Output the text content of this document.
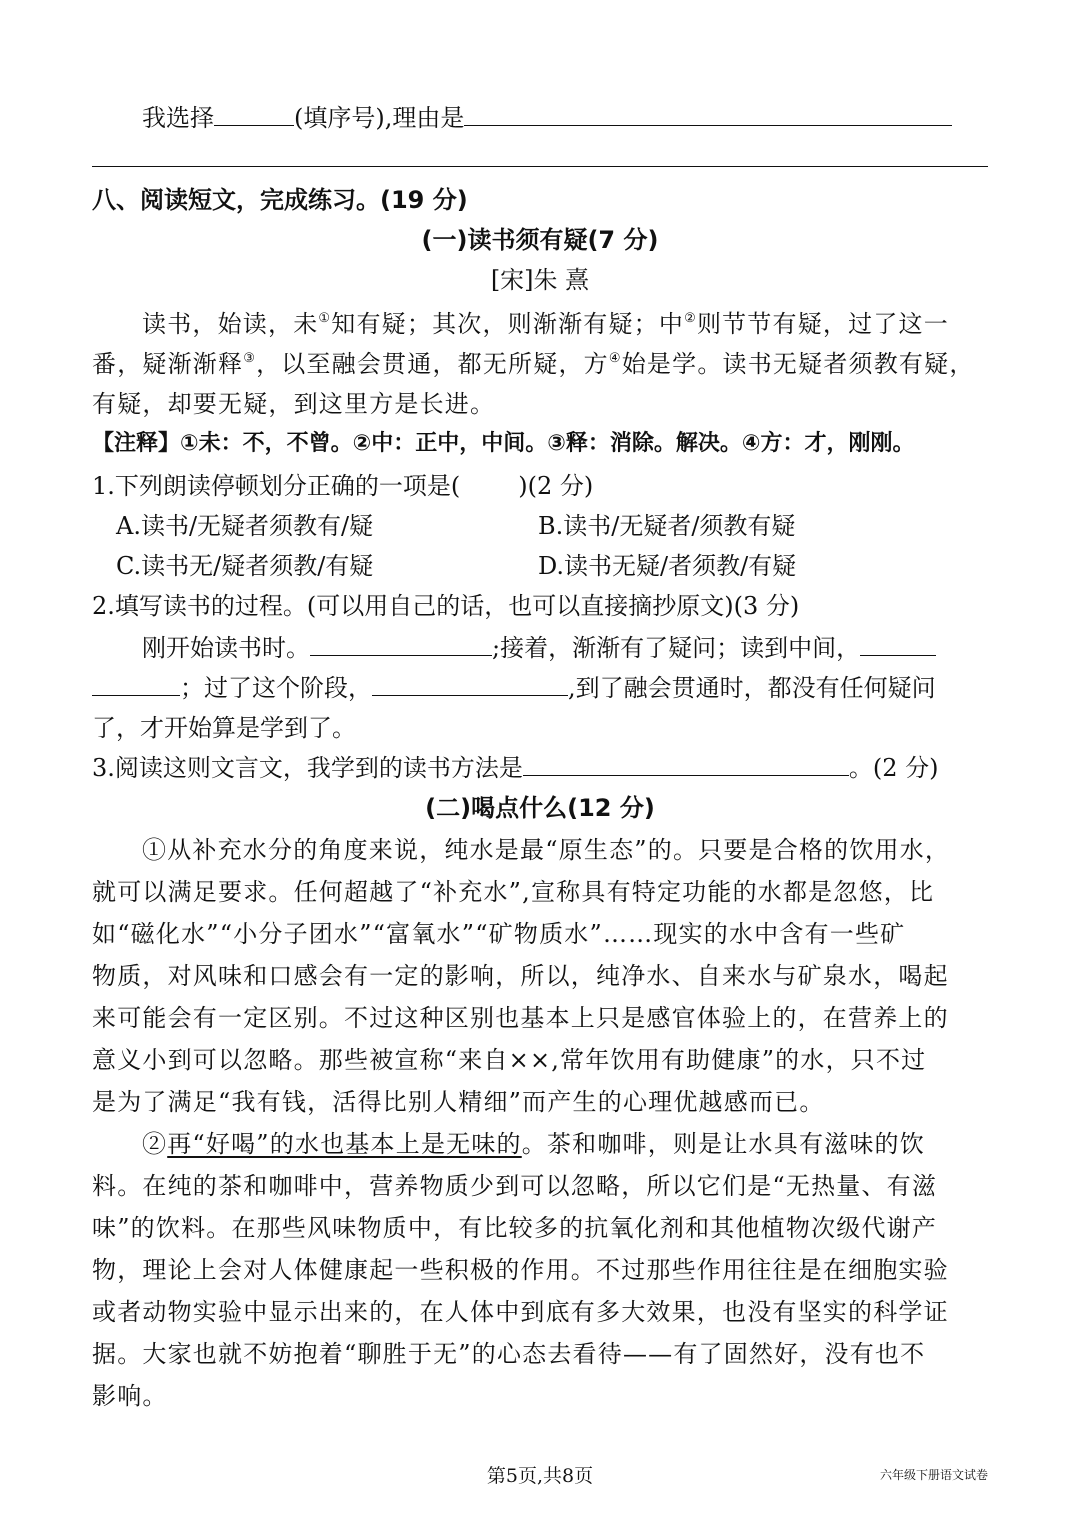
我选择	(填序号),理由是
八、阅读短文，完成练习。(19 分)
(一)读书须有疑(7 分)
[宋]朱 熹
读书，始读，未①知有疑；其次，则渐渐有疑；中②则节节有疑，过了这一
番，疑渐渐释③，以至融会贯通，都无所疑，方④始是学。读书无疑者须教有疑，
有疑，却要无疑，到这里方是长进。
【注释】①未：不，不曾。②中：正中，中间。③释：消除。解决。④方：才，刚刚。
1.下列朗读停顿划分正确的一项是( )(2 分)
A.读书/无疑者须教有/疑	B.读书/无疑者/须教有疑
C.读书无/疑者须教/有疑	D.读书无疑/者须教/有疑
2.填写读书的过程。(可以用自己的话，也可以直接摘抄原文)(3 分)
刚开始读书时。	;接着，渐渐有了疑问；读到中间，
；过了这个阶段，	,到了融会贯通时，都没有任何疑问
了，才开始算是学到了。
3.阅读这则文言文，我学到的读书方法是	。(2 分)
(二)喝点什么(12 分)
①从补充水分的角度来说，纯水是最“原生态”的。只要是合格的饮用水，
就可以满足要求。任何超越了“补充水”,宣称具有特定功能的水都是忽悠，比
如“磁化水”“小分子团水”“富氧水”“矿物质水”……现实的水中含有一些矿
物质，对风味和口感会有一定的影响，所以，纯净水、自来水与矿泉水，喝起
来可能会有一定区别。不过这种区别也基本上只是感官体验上的，在营养上的
意义小到可以忽略。那些被宣称“来自××,常年饮用有助健康”的水，只不过
是为了满足“我有钱，活得比别人精细”而产生的心理优越感而已。
②再“好喝”的水也基本上是无味的。茶和咖啡，则是让水具有滋味的饮
料。在纯的茶和咖啡中，营养物质少到可以忽略，所以它们是“无热量、有滋
味”的饮料。在那些风味物质中，有比较多的抗氧化剂和其他植物次级代谢产
物，理论上会对人体健康起一些积极的作用。不过那些作用往往是在细胞实验
或者动物实验中显示出来的，在人体中到底有多大效果，也没有坚实的科学证
据。大家也就不妨抱着“聊胜于无”的心态去看待——有了固然好，没有也不
影响。
第5页,共8页	六年级下册语文试卷
